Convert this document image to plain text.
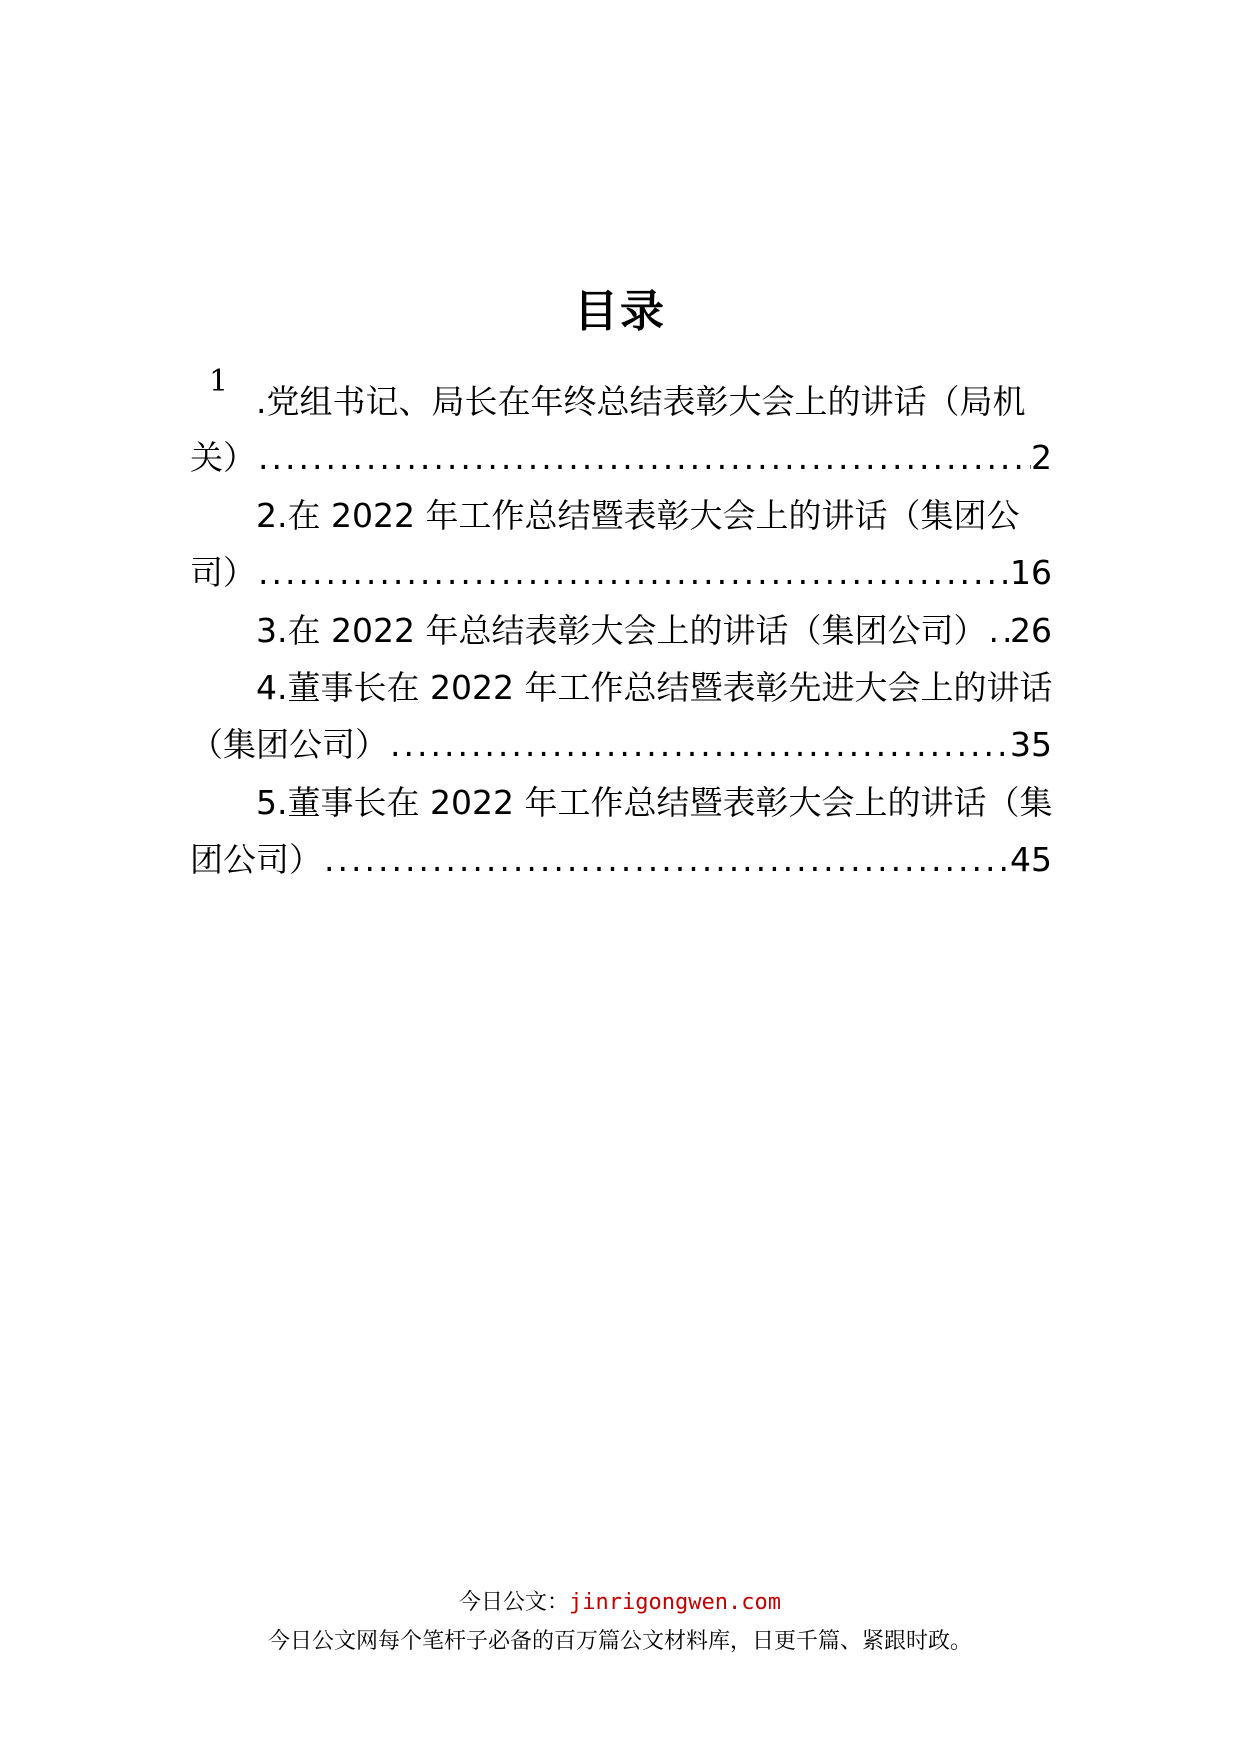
目录
1
.党组书记、局长在年终总结表彰大会上的讲话（局机
关） .....	2
2.在 2022 年工作总结暨表彰大会上的讲话（集团公
司） .....	16
3.在 2022 年总结表彰大会上的讲话（集团公司） ..... 26
4.董事长在 2022 年工作总结暨表彰先进大会上的讲话
（集团公司） .....	35
5.董事长在 2022 年工作总结暨表彰大会上的讲话（集
团公司） .....	45
今日公文：jinrigongwen.com
今日公文网每个笔杆子必备的百万篇公文材料库，日更千篇、紧跟时政。
